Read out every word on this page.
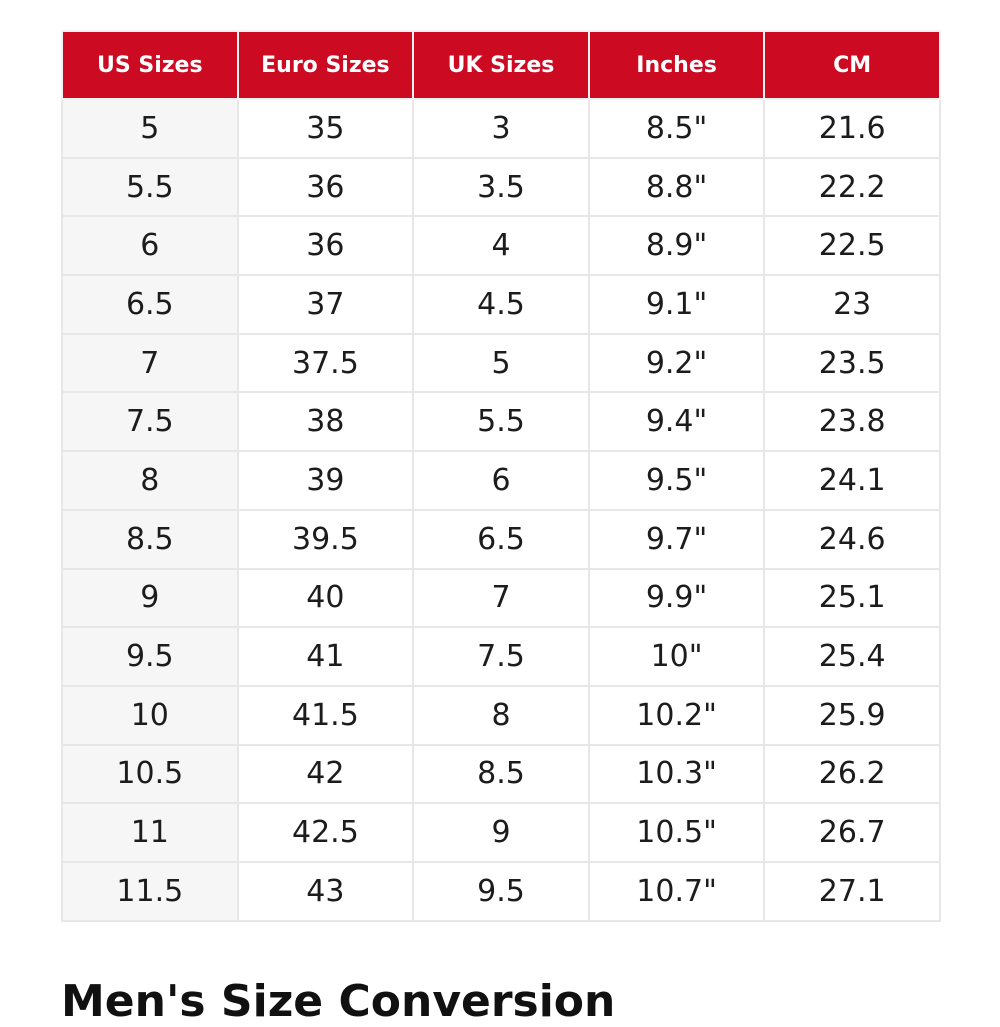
US Sizes	Euro Sizes	UK Sizes	Inches	CM
5	35	3	8.5"	21.6
5.5	36	3.5	8.8"	22.2
6	36	4	8.9"	22.5
6.5	37	4.5	9.1"	23
7	37.5	5	9.2"	23.5
7.5	38	5.5	9.4"	23.8
8	39	6	9.5"	24.1
8.5	39.5	6.5	9.7"	24.6
9	40	7	9.9"	25.1
9.5	41	7.5	10"	25.4
10	41.5	8	10.2"	25.9
10.5	42	8.5	10.3"	26.2
11	42.5	9	10.5"	26.7
11.5	43	9.5	10.7"	27.1
Men's Size Conversion
